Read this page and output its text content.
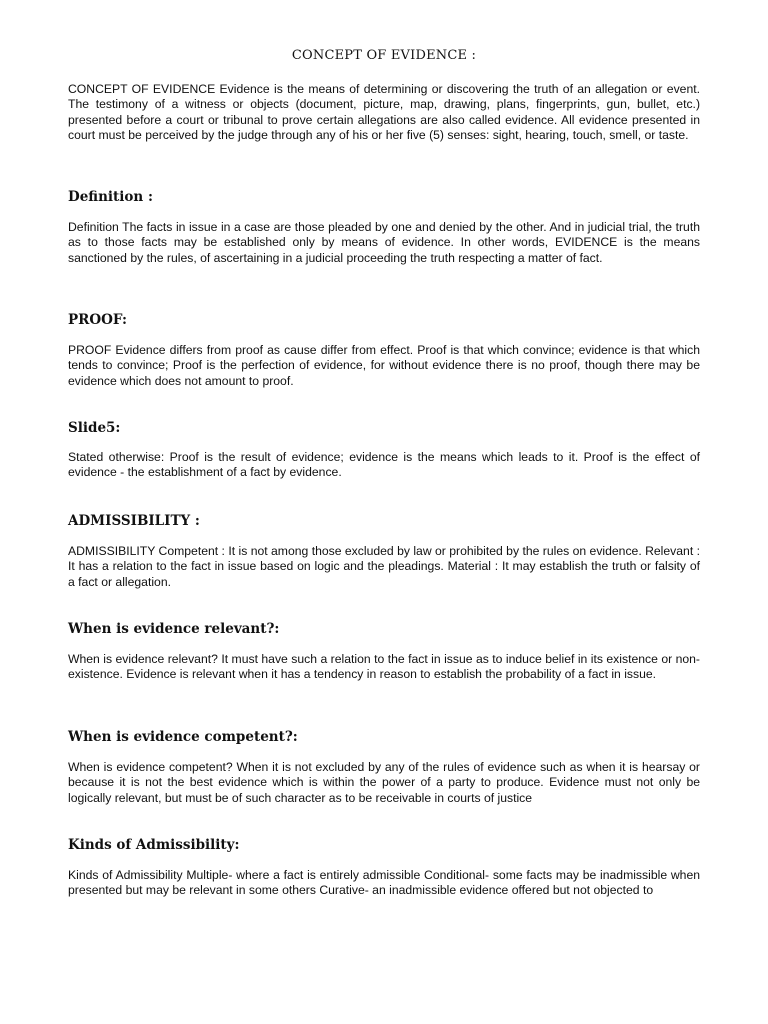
CONCEPT OF EVIDENCE :

CONCEPT OF EVIDENCE Evidence is the means of determining or discovering the truth of an allegation or event. The testimony of a witness or objects (document, picture, map, drawing, plans, fingerprints, gun, bullet, etc.) presented before a court or tribunal to prove certain allegations are also called evidence. All evidence presented in court must be perceived by the judge through any of his or her five (5) senses: sight, hearing, touch, smell, or taste.

Definition :

Definition The facts in issue in a case are those pleaded by one and denied by the other. And in judicial trial, the truth as to those facts may be established only by means of evidence. In other words, EVIDENCE is the means sanctioned by the rules, of ascertaining in a judicial proceeding the truth respecting a matter of fact.

PROOF:

PROOF Evidence differs from proof as cause differ from effect. Proof is that which convince; evidence is that which tends to convince; Proof is the perfection of evidence, for without evidence there is no proof, though there may be evidence which does not amount to proof.

Slide5:

Stated otherwise: Proof is the result of evidence; evidence is the means which leads to it. Proof is the effect of evidence - the establishment of a fact by evidence.

ADMISSIBILITY :

ADMISSIBILITY Competent : It is not among those excluded by law or prohibited by the rules on evidence. Relevant : It has a relation to the fact in issue based on logic and the pleadings. Material : It may establish the truth or falsity of a fact or allegation.

When is evidence relevant?:

When is evidence relevant? It must have such a relation to the fact in issue as to induce belief in its existence or non-existence. Evidence is relevant when it has a tendency in reason to establish the probability of a fact in issue.

When is evidence competent?:

When is evidence competent? When it is not excluded by any of the rules of evidence such as when it is hearsay or because it is not the best evidence which is within the power of a party to produce. Evidence must not only be logically relevant, but must be of such character as to be receivable in courts of justice

Kinds of Admissibility:

Kinds of Admissibility Multiple- where a fact is entirely admissible Conditional- some facts may be inadmissible when presented but may be relevant in some others Curative- an inadmissible evidence offered but not objected to
